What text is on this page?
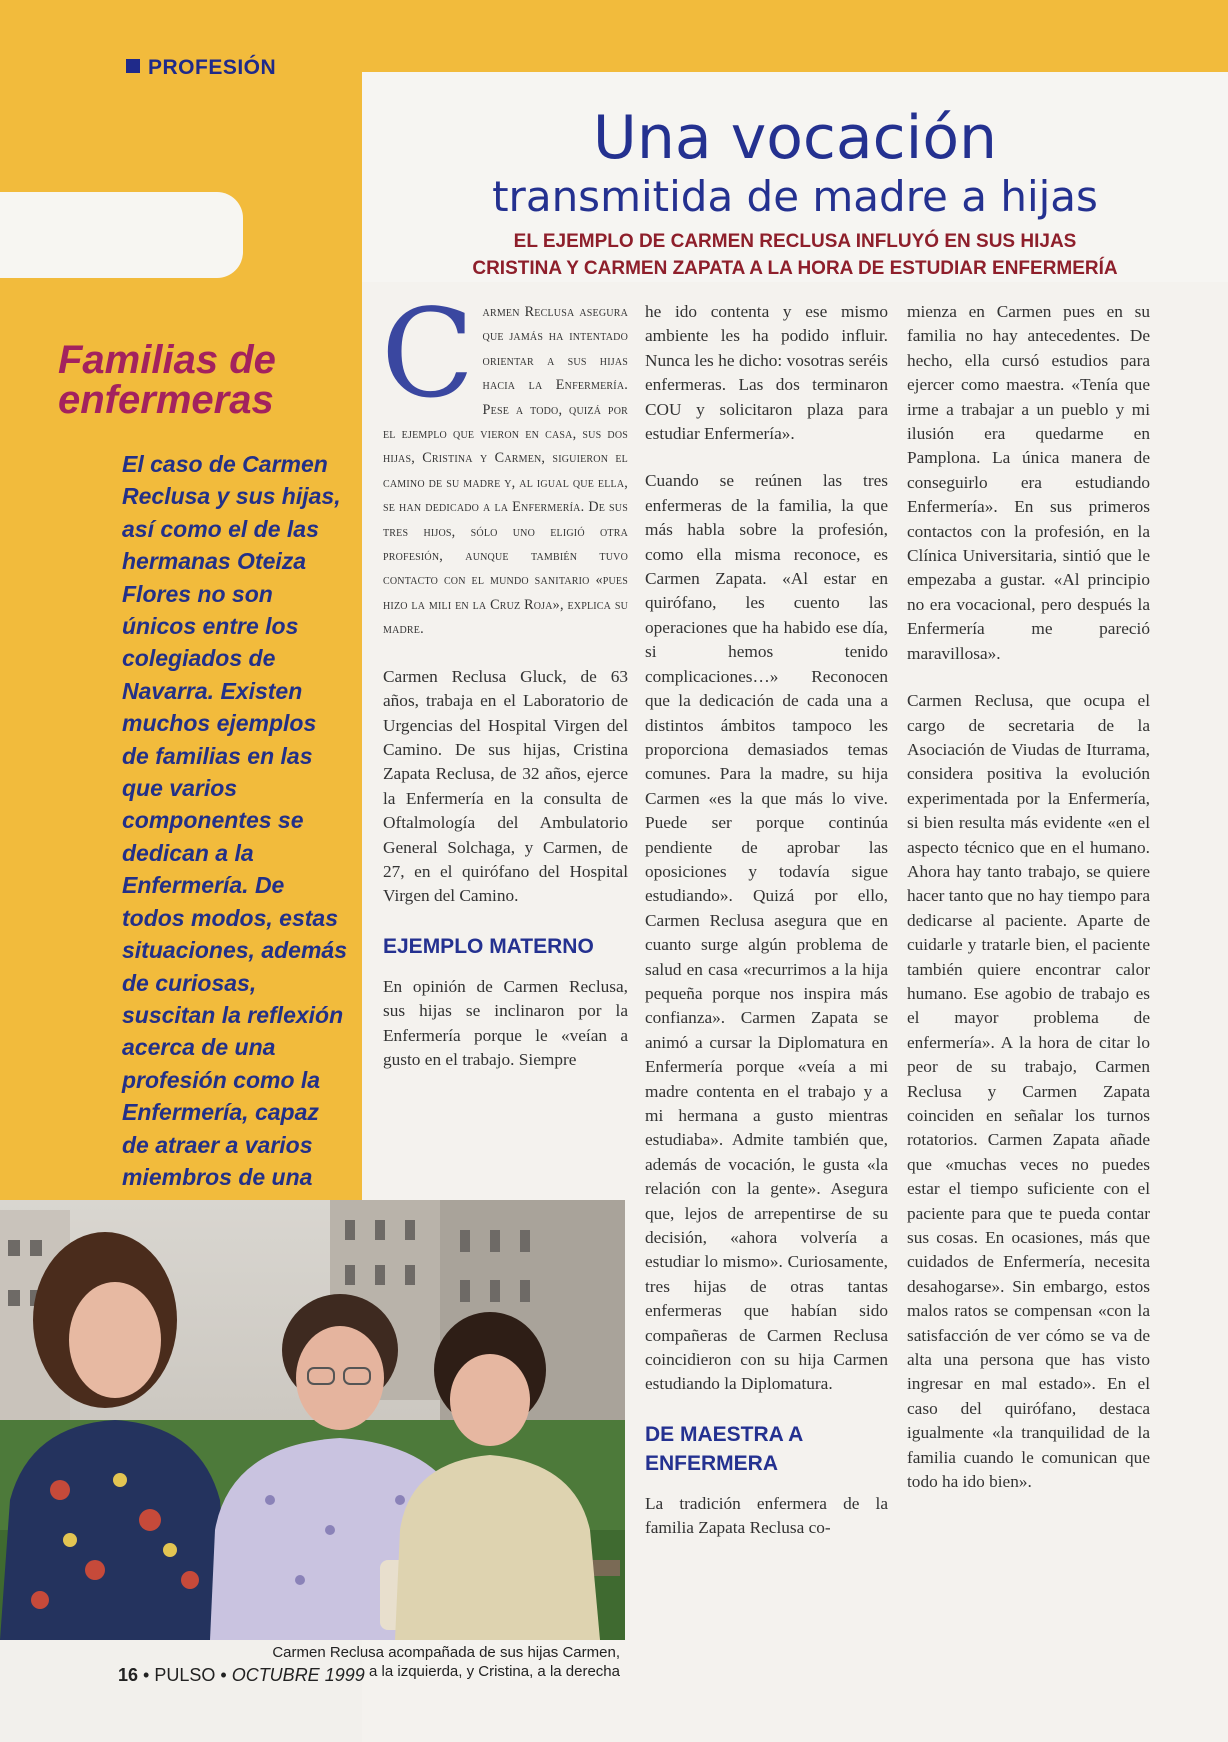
PROFESIÓN
Una vocación
transmitida de madre a hijas
EL EJEMPLO DE CARMEN RECLUSA INFLUYÓ EN SUS HIJAS
CRISTINA Y CARMEN ZAPATA A LA HORA DE ESTUDIAR ENFERMERÍA
Familias de enfermeras
El caso de Carmen Reclusa y sus hijas, así como el de las hermanas Oteiza Flores no son únicos entre los colegiados de Navarra. Existen muchos ejemplos de familias en las que varios componentes se dedican a la Enfermería. De todos modos, estas situaciones, además de curiosas, suscitan la reflexión acerca de una profesión como la Enfermería, capaz de atraer a varios miembros de una

Carmen Reclusa asegura que jamás ha intentado orientar a sus hijas hacia la Enfermería. Pese a todo, quizá por el ejemplo que vieron en casa, sus dos hijas, Cristina y Carmen, siguieron el camino de su madre y, al igual que ella, se han dedicado a la Enfermería. De sus tres hijos, sólo uno eligió otra profesión, aunque también tuvo contacto con el mundo sanitario «pues hizo la mili en la Cruz Roja», explica su madre.

Carmen Reclusa Gluck, de 63 años, trabaja en el Laboratorio de Urgencias del Hospital Virgen del Camino. De sus hijas, Cristina Zapata Reclusa, de 32 años, ejerce la Enfermería en la consulta de Oftalmología del Ambulatorio General Solchaga, y Carmen, de 27, en el quirófano del Hospital Virgen del Camino.

EJEMPLO MATERNO

En opinión de Carmen Reclusa, sus hijas se inclinaron por la Enfermería porque le «veían a gusto en el trabajo. Siempre

he ido contenta y ese mismo ambiente les ha podido influir. Nunca les he dicho: vosotras seréis enfermeras. Las dos terminaron COU y solicitaron plaza para estudiar Enfermería».

Cuando se reúnen las tres enfermeras de la familia, la que más habla sobre la profesión, como ella misma reconoce, es Carmen Zapata. «Al estar en quirófano, les cuento las operaciones que ha habido ese día, si hemos tenido complicaciones…» Reconocen que la dedicación de cada una a distintos ámbitos tampoco les proporciona demasiados temas comunes. Para la madre, su hija Carmen «es la que más lo vive. Puede ser porque continúa pendiente de aprobar las oposiciones y todavía sigue estudiando». Quizá por ello, Carmen Reclusa asegura que en cuanto surge algún problema de salud en casa «recurrimos a la hija pequeña porque nos inspira más confianza». Carmen Zapata se animó a cursar la Diplomatura en Enfermería porque «veía a mi madre contenta en el trabajo y a mi hermana a gusto mientras estudiaba». Admite también que, además de vocación, le gusta «la relación con la gente». Asegura que, lejos de arrepentirse de su decisión, «ahora volvería a estudiar lo mismo». Curiosamente, tres hijas de otras tantas enfermeras que habían sido compañeras de Carmen Reclusa coincidieron con su hija Carmen estudiando la Diplomatura.

DE MAESTRA A ENFERMERA

La tradición enfermera de la familia Zapata Reclusa co-

mienza en Carmen pues en su familia no hay antecedentes. De hecho, ella cursó estudios para ejercer como maestra. «Tenía que irme a trabajar a un pueblo y mi ilusión era quedarme en Pamplona. La única manera de conseguirlo era estudiando Enfermería». En sus primeros contactos con la profesión, en la Clínica Universitaria, sintió que le empezaba a gustar. «Al principio no era vocacional, pero después la Enfermería me pareció maravillosa».

Carmen Reclusa, que ocupa el cargo de secretaria de la Asociación de Viudas de Iturrama, considera positiva la evolución experimentada por la Enfermería, si bien resulta más evidente «en el aspecto técnico que en el humano. Ahora hay tanto trabajo, se quiere hacer tanto que no hay tiempo para dedicarse al paciente. Aparte de cuidarle y tratarle bien, el paciente también quiere encontrar calor humano. Ese agobio de trabajo es el mayor problema de enfermería». A la hora de citar lo peor de su trabajo, Carmen Reclusa y Carmen Zapata coinciden en señalar los turnos rotatorios. Carmen Zapata añade que «muchas veces no puedes estar el tiempo suficiente con el paciente para que te pueda contar sus cosas. En ocasiones, más que cuidados de Enfermería, necesita desahogarse». Sin embargo, estos malos ratos se compensan «con la satisfacción de ver cómo se va de alta una persona que has visto ingresar en mal estado». En el caso del quirófano, destaca igualmente «la tranquilidad de la familia cuando le comunican que todo ha ido bien».

Carmen Reclusa acompañada de sus hijas Carmen,
a la izquierda, y Cristina, a la derecha
16 • PULSO • OCTUBRE 1999
